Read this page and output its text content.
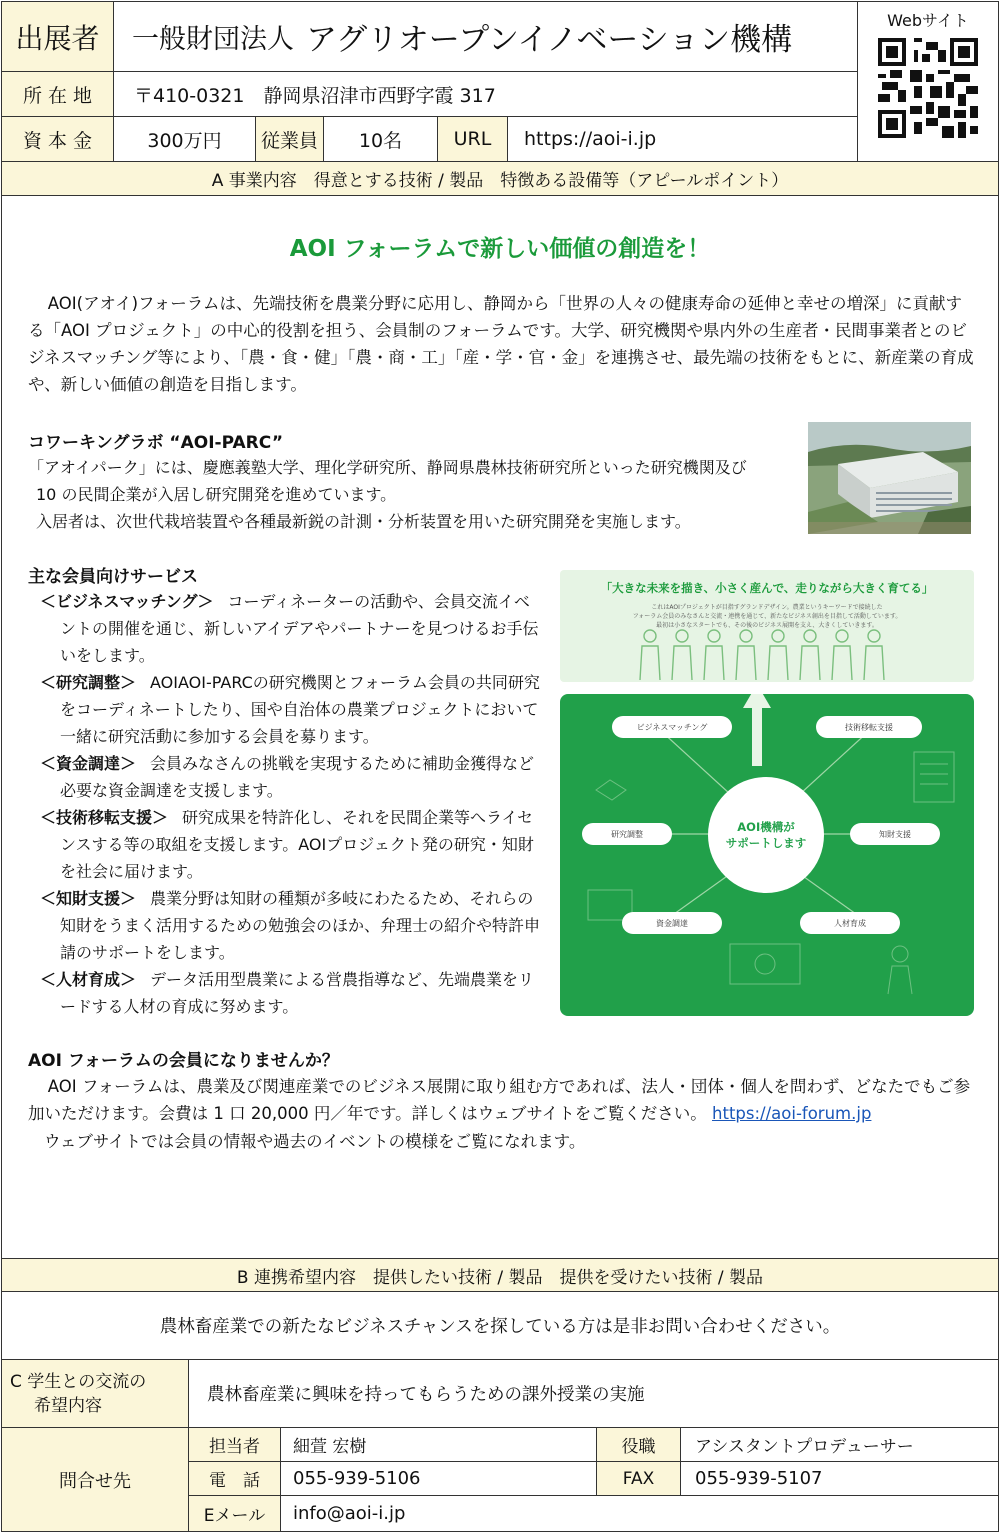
出展者	一般財団法人 アグリオープンイノベーション機構
Webサイト
所 在 地	〒410-0321　静岡県沼津市西野字霞 317
資 本 金	300万円	従業員	10名	URL	https://aoi-i.jp
A 事業内容　得意とする技術 / 製品　特徴ある設備等（アピールポイント）
AOI フォーラムで新しい価値の創造を！

AOI(アオイ)フォーラムは、先端技術を農業分野に応用し、静岡から「世界の人々の健康寿命の延伸と幸せの増深」に貢献する「AOI プロジェクト」の中心的役割を担う、会員制のフォーラムです。大学、研究機関や県内外の生産者・民間事業者とのビジネスマッチング等により、「農・食・健」「農・商・工」「産・学・官・金」を連携させ、最先端の技術をもとに、新産業の育成や、新しい価値の創造を目指します。

コワーキングラボ “AOI-PARC”
「アオイパーク」には、慶應義塾大学、理化学研究所、静岡県農林技術研究所といった研究機関及び
10 の民間企業が入居し研究開発を進めています。
入居者は、次世代栽培装置や各種最新鋭の計測・分析装置を用いた研究開発を実施します。
主な会員向けサービス
＜ビジネスマッチング＞ コーディネーターの活動や、会員交流イベントの開催を通じ、新しいアイデアやパートナーを見つけるお手伝いをします。
＜研究調整＞ AOIAOI-PARCの研究機関とフォーラム会員の共同研究をコーディネートしたり、国や自治体の農業プロジェクトにおいて一緒に研究活動に参加する会員を募ります。
＜資金調達＞ 会員みなさんの挑戦を実現するために補助金獲得など必要な資金調達を支援します。
＜技術移転支援＞ 研究成果を特許化し、それを民間企業等へライセンスする等の取組を支援します。AOIプロジェクト発の研究・知財を社会に届けます。
＜知財支援＞ 農業分野は知財の種類が多岐にわたるため、それらの知財をうまく活用するための勉強会のほか、弁理士の紹介や特許申請のサポートをします。
＜人材育成＞ データ活用型農業による営農指導など、先端農業をリードする人材の育成に努めます。
「大きな未来を描き、小さく産んで、走りながら大きく育てる」
これはAOIプロジェクトが目指すグランドデザイン。農業というキーワードで接続した
フォーラム会員のみなさんと交流・連携を通じて、新たなビジネス創出を目指して活動しています。
最初は小さなスタートでも、その後のビジネス展開を支え、大きくしていきます。
AOI機構が
サポートします
ビジネスマッチング	技術移転支援
研究調整	知財支援
資金調達	人材育成
AOI フォーラムの会員になりませんか？

AOI フォーラムは、農業及び関連産業でのビジネス展開に取り組む方であれば、法人・団体・個人を問わず、どなたでもご参加いただけます。会費は 1 口 20,000 円／年です。詳しくはウェブサイトをご覧ください。 https://aoi-forum.jp

ウェブサイトでは会員の情報や過去のイベントの模様をご覧になれます。
B 連携希望内容　提供したい技術 / 製品　提供を受けたい技術 / 製品
農林畜産業での新たなビジネスチャンスを探している方は是非お問い合わせください。
C 学生との交流の
希望内容
農林畜産業に興味を持ってもらうための課外授業の実施
問合せ先
担当者	細萱 宏樹	役職	アシスタントプロデューサー
電　話	055-939-5106	FAX	055-939-5107
Eメール	info@aoi-i.jp
